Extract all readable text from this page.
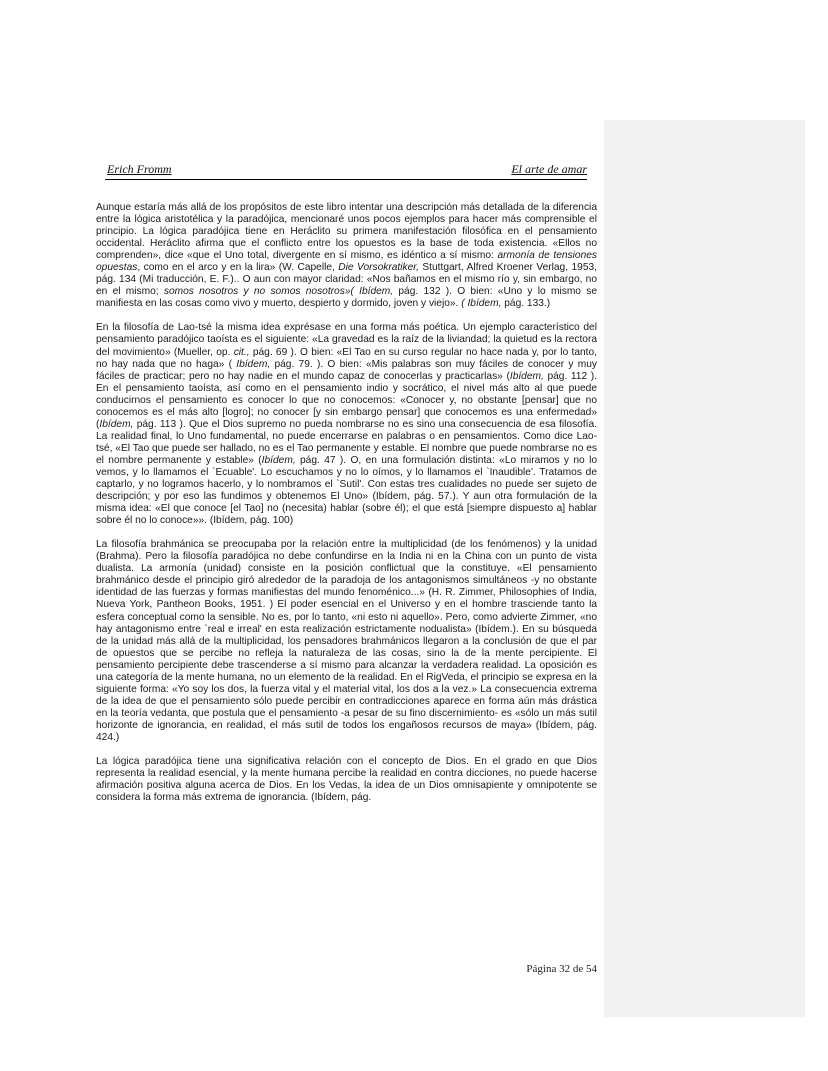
Erich Fromm	El arte de amar

Aunque estaría más allá de los propósitos de este libro intentar una descripción más detallada de la diferencia entre la lógica aristotélica y la paradójica, mencionaré unos pocos ejemplos para hacer más comprensible el principio. La lógica paradójica tiene en Heráclito su primera manifestación filosófica en el pensamiento occidental. Heráclito afirma que el conflicto entre los opuestos es la base de toda existencia. «Ellos no comprenden», dice «que el Uno total, divergente en sí mismo, es idéntico a sí mismo: armonía de tensiones opuestas, como en el arco y en la lira» (W. Capelle, Die Vorsokratiker, Stuttgart, Alfred Kroener Verlag, 1953, pág. 134 (Mi traducción, E. F.).. O aun con mayor claridad: «Nos bañamos en el mismo río y, sin embargo, no en el mismo; somos nosotros y no somos nosotros»( Ibídem, pág. 132 ). O bien: «Uno y lo mismo se manifiesta en las cosas como vivo y muerto, despierto y dormido, joven y viejo». ( Ibídem, pág. 133.)

En la filosofía de Lao-tsé la misma idea exprésase en una forma más poética. Un ejemplo característico del pensamiento paradójico taoísta es el siguiente: «La gravedad es la raíz de la liviandad; la quietud es la rectora del movimiento» (Mueller, op. cit., pág. 69 ). O bien: «El Tao en su curso regular no hace nada y, por lo tanto, no hay nada que no haga» ( Ibídem, pág. 79. ). O bien: «Mis palabras son muy fáciles de conocer y muy fáciles de practicar; pero no hay nadie en el mundo capaz de conocerlas y practicarlas» (Ibídem, pág. 112 ). En el pensamiento taoísta, así como en el pensamiento indio y socrático, el nivel más alto al que puede conducirnos el pensamiento es conocer lo que no conocemos: «Conocer y, no obstante [pensar] que no conocemos es el más alto [logro]; no conocer [y sin embargo pensar] que conocemos es una enfermedad» (Ibídem, pág. 113 ). Que el Dios supremo no pueda nombrarse no es sino una consecuencia de esa filosofía. La realidad final, lo Uno fundamental, no puede encerrarse en palabras o en pensamientos. Como dice Lao-tsé, «El Tao que puede ser hallado, no es el Tao permanente y estable. El nombre que puede nombrarse no es el nombre permanente y estable» (Ibídem, pág. 47 ). O, en una formulación distinta: «Lo miramos y no lo vemos, y lo llamamos el `Ecuable'. Lo escuchamos y no lo oímos, y lo llamamos el `Inaudible'. Tratamos de captarlo, y no logramos hacerlo, y lo nombramos el `Sutil'. Con estas tres cualidades no puede ser sujeto de descripción; y por eso las fundimos y obtenemos El Uno» (Ibídem, pág. 57.). Y aun otra formulación de la misma idea: «El que conoce [el Tao] no (necesita) hablar (sobre él); el que está [siempre dispuesto a] hablar sobre él no lo conoce»». (Ibídem, pág. 100)

La filosofía brahmánica se preocupaba por la relación entre la multiplicidad (de los fenómenos) y la unidad (Brahma). Pero la filosofía paradójica no debe confundirse en la India ni en la China con un punto de vista dualista. La armonía (unidad) consiste en la posición conflictual que la constituye. «El pensamiento brahmánico desde el principio giró alrededor de la paradoja de los antagonismos simultáneos -y no obstante identidad de las fuerzas y formas manifiestas del mundo fenoménico...» (H. R. Zimmer, Philosophies of India, Nueva York, Pantheon Books, 1951. ) El poder esencial en el Universo y en el hombre trasciende tanto la esfera conceptual como la sensible. No es, por lo tanto, «ni esto ni aquello». Pero, como advierte Zimmer, «no hay antagonismo entre `real e irreal' en esta realización estrictamente nodualista» (Ibídem.). En su búsqueda de la unidad más allá de la multiplicidad, los pensadores brahmánicos llegaron a la conclusión de que el par de opuestos que se percibe no refleja la naturaleza de las cosas, sino la de la mente percipiente. El pensamiento percipiente debe trascenderse a sí mismo para alcanzar la verdadera realidad. La oposición es una categoría de la mente humana, no un elemento de la realidad. En el RigVeda, el principio se expresa en la siguiente forma: «Yo soy los dos, la fuerza vital y el material vital, los dos a la vez.» La consecuencia extrema de la idea de que el pensamiento sólo puede percibir en contradicciones aparece en forma aún más drástica en la teoría vedanta, que postula que el pensamiento -a pesar de su fino discernimiento- es «sólo un más sutil horizonte de ignorancia, en realidad, el más sutil de todos los engañosos recursos de maya» (Ibídem, pág. 424.)

La lógica paradójica tiene una significativa relación con el concepto de Dios. En el grado en que Dios representa la realidad esencial, y la mente humana percibe la realidad en contra dicciones, no puede hacerse afirmación positiva alguna acerca de Dios. En los Vedas, la idea de un Dios omnisapiente y omnipotente se considera la forma más extrema de ignorancia. (Ibídem, pág.

Página 32 de 54
